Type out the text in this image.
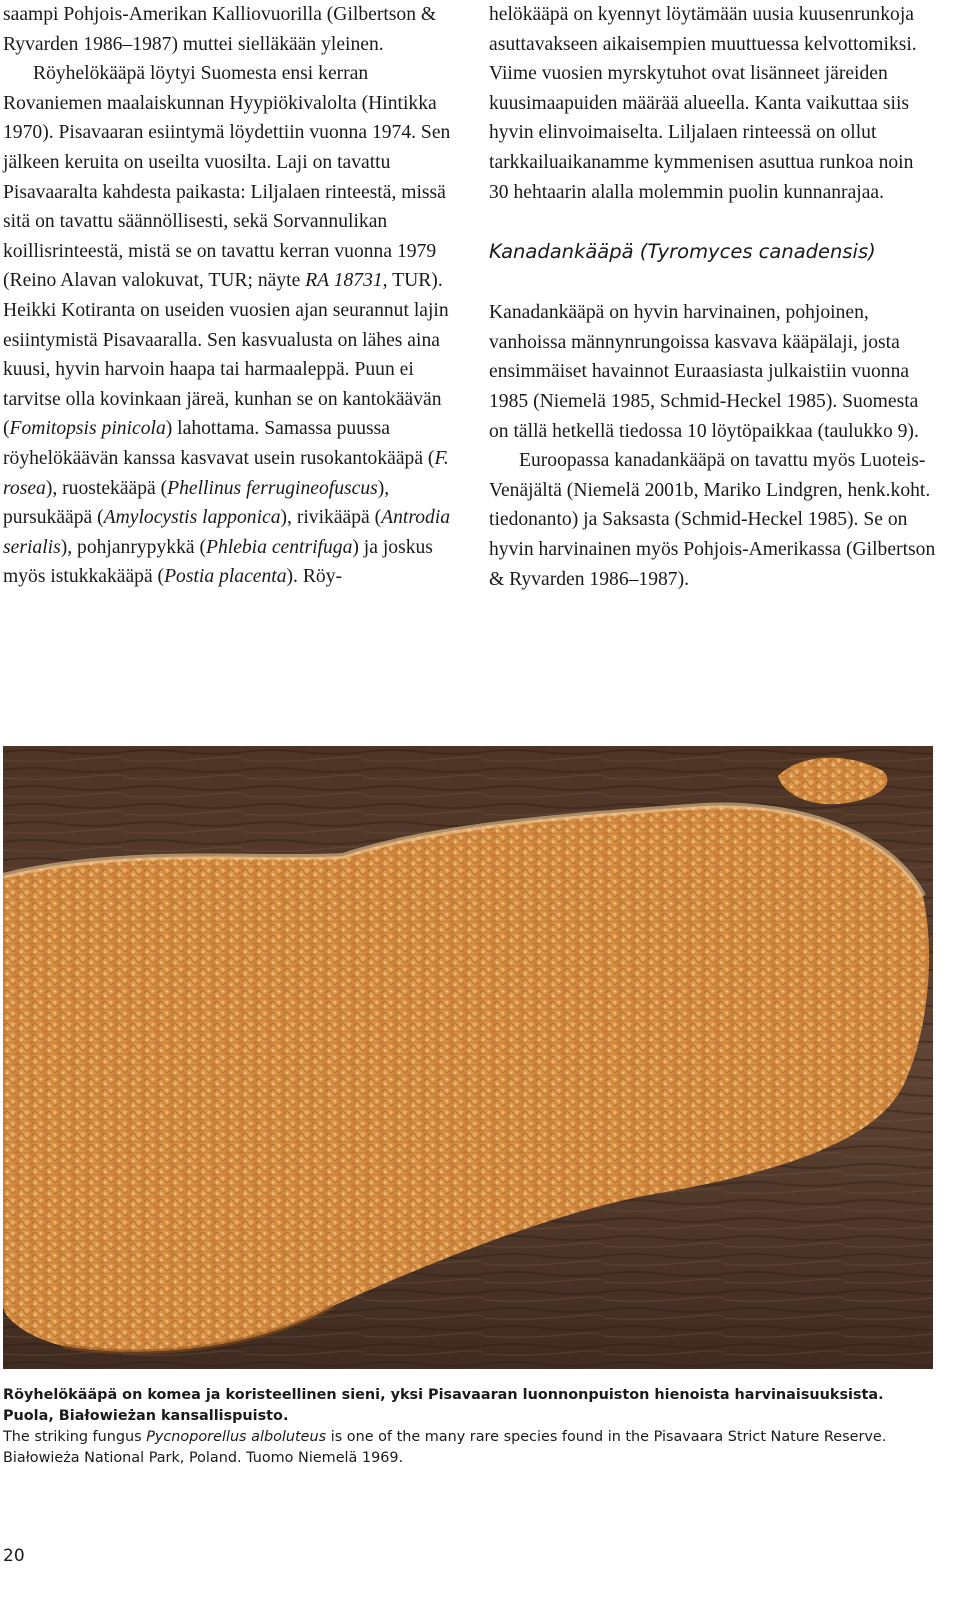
saampi Pohjois-Amerikan Kalliovuorilla (Gilbertson & Ryvarden 1986–1987) muttei sielläkään yleinen.

Röyhelökääpä löytyi Suomesta ensi kerran Rovaniemen maalaiskunnan Hyypiökivalolta (Hintikka 1970). Pisavaaran esiintymä löydettiin vuonna 1974. Sen jälkeen keruita on useilta vuosilta. Laji on tavattu Pisavaaralta kahdesta paikasta: Liljalaen rinteestä, missä sitä on tavattu säännöllisesti, sekä Sorvannulikan koillisrinteestä, mistä se on tavattu kerran vuonna 1979 (Reino Alavan valokuvat, TUR; näyte RA 18731, TUR). Heikki Kotiranta on useiden vuosien ajan seurannut lajin esiintymistä Pisavaaralla. Sen kasvualusta on lähes aina kuusi, hyvin harvoin haapa tai harmaaleppä. Puun ei tarvitse olla kovinkaan järeä, kunhan se on kantokäävän (Fomitopsis pinicola) lahottama. Samassa puussa röyhelökäävän kanssa kasvavat usein rusokantokääpä (F. rosea), ruostekääpä (Phellinus ferrugineofuscus), pursukääpä (Amylocystis lapponica), rivikääpä (Antrodia serialis), pohjanrypykkä (Phlebia centrifuga) ja joskus myös istukkakääpä (Postia placenta). Röy-

helökääpä on kyennyt löytämään uusia kuusenrunkoja asuttavakseen aikaisempien muuttuessa kelvottomiksi. Viime vuosien myrskytuhot ovat lisänneet järeiden kuusimaapuiden määrää alueella. Kanta vaikuttaa siis hyvin elinvoimaiselta. Liljalaen rinteessä on ollut tarkkailuaikanamme kymmenisen asuttua runkoa noin 30 hehtaarin alalla molemmin puolin kunnanrajaa.

Kanadankääpä (Tyromyces canadensis)

Kanadankääpä on hyvin harvinainen, pohjoinen, vanhoissa männynrungoissa kasvava kääpälaji, josta ensimmäiset havainnot Euraasiasta julkaistiin vuonna 1985 (Niemelä 1985, Schmid-Heckel 1985). Suomesta on tällä hetkellä tiedossa 10 löytöpaikkaa (taulukko 9).

Euroopassa kanadankääpä on tavattu myös Luoteis-Venäjältä (Niemelä 2001b, Mariko Lindgren, henk.koht. tiedonanto) ja Saksasta (Schmid-Heckel 1985). Se on hyvin harvinainen myös Pohjois-Amerikassa (Gilbertson & Ryvarden 1986–1987).

Röyhelökääpä on komea ja koristeellinen sieni, yksi Pisavaaran luonnonpuiston hienoista harvinaisuuksista. Puola, Białowieżan kansallispuisto.

The striking fungus Pycnoporellus alboluteus is one of the many rare species found in the Pisavaara Strict Nature Reserve. Białowieża National Park, Poland. Tuomo Niemelä 1969.

20
